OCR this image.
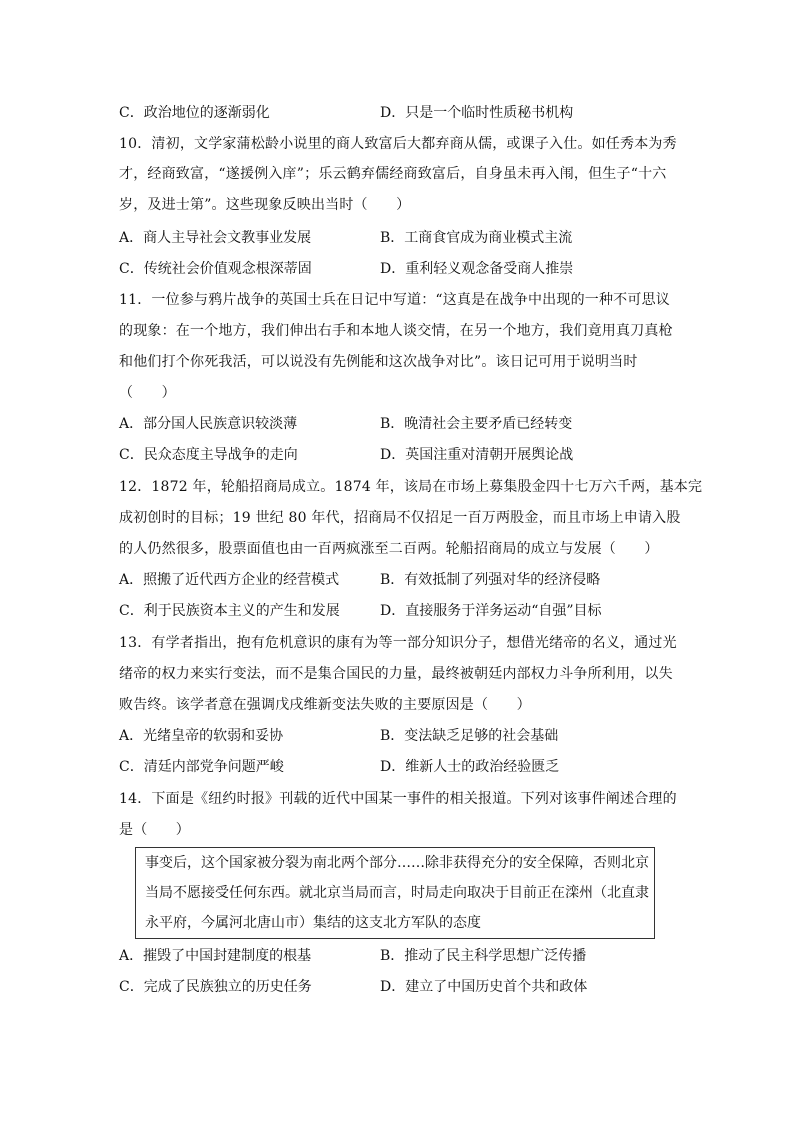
C．政治地位的逐渐弱化	D．只是一个临时性质秘书机构
10．清初，文学家蒲松龄小说里的商人致富后大都弃商从儒，或课子入仕。如任秀本为秀
才，经商致富，“遂援例入庠”；乐云鹤弃儒经商致富后，自身虽未再入闱，但生子“十六
岁，及进士第”。这些现象反映出当时（　　）
A．商人主导社会文教事业发展	B．工商食官成为商业模式主流
C．传统社会价值观念根深蒂固	D．重利轻义观念备受商人推崇
11．一位参与鸦片战争的英国士兵在日记中写道：“这真是在战争中出现的一种不可思议
的现象：在一个地方，我们伸出右手和本地人谈交情，在另一个地方，我们竟用真刀真枪
和他们打个你死我活，可以说没有先例能和这次战争对比”。该日记可用于说明当时
（　　）
A．部分国人民族意识较淡薄	B．晚清社会主要矛盾已经转变
C．民众态度主导战争的走向	D．英国注重对清朝开展舆论战
12．1872 年，轮船招商局成立。1874 年，该局在市场上募集股金四十七万六千两，基本完
成初创时的目标；19 世纪 80 年代，招商局不仅招足一百万两股金，而且市场上申请入股
的人仍然很多，股票面值也由一百两疯涨至二百两。轮船招商局的成立与发展（　　）
A．照搬了近代西方企业的经营模式	B．有效抵制了列强对华的经济侵略
C．利于民族资本主义的产生和发展	D．直接服务于洋务运动“自强”目标
13．有学者指出，抱有危机意识的康有为等一部分知识分子，想借光绪帝的名义，通过光
绪帝的权力来实行变法，而不是集合国民的力量，最终被朝廷内部权力斗争所利用，以失
败告终。该学者意在强调戊戌维新变法失败的主要原因是（　　）
A．光绪皇帝的软弱和妥协	B．变法缺乏足够的社会基础
C．清廷内部党争问题严峻	D．维新人士的政治经验匮乏
14．下面是《纽约时报》刊载的近代中国某一事件的相关报道。下列对该事件阐述合理的
是（　　）
事变后，这个国家被分裂为南北两个部分……除非获得充分的安全保障，否则北京
当局不愿接受任何东西。就北京当局而言，时局走向取决于目前正在滦州（北直隶
永平府，今属河北唐山市）集结的这支北方军队的态度
A．摧毁了中国封建制度的根基	B．推动了民主科学思想广泛传播
C．完成了民族独立的历史任务	D．建立了中国历史首个共和政体
